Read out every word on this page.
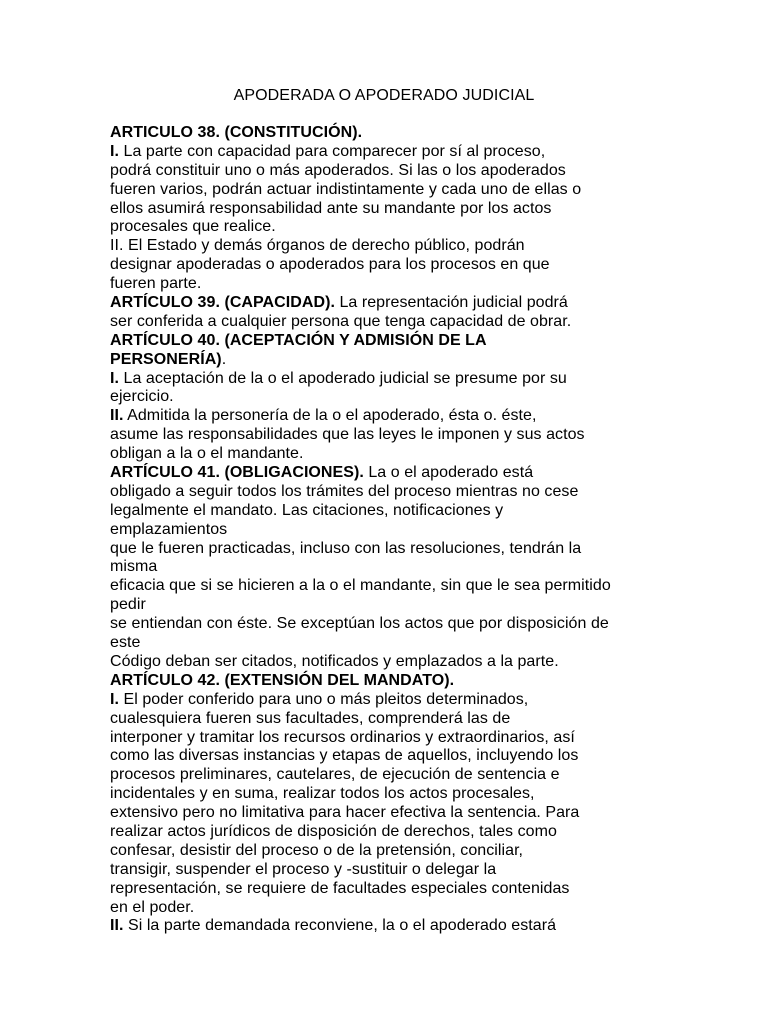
APODERADA O APODERADO JUDICIAL
ARTICULO 38. (CONSTITUCIÓN).
I. La parte con capacidad para comparecer por sí al proceso,
podrá constituir uno o más apoderados. Si las o los apoderados
fueren varios, podrán actuar indistintamente y cada uno de ellas o
ellos asumirá responsabilidad ante su mandante por los actos
procesales que realice.
II. El Estado y demás órganos de derecho público, podrán
designar apoderadas o apoderados para los procesos en que
fueren parte.
ARTÍCULO 39. (CAPACIDAD). La representación judicial podrá
ser conferida a cualquier persona que tenga capacidad de obrar.
ARTÍCULO 40. (ACEPTACIÓN Y ADMISIÓN DE LA
PERSONERÍA).
I. La aceptación de la o el apoderado judicial se presume por su
ejercicio.
II. Admitida la personería de la o el apoderado, ésta o. éste,
asume las responsabilidades que las leyes le imponen y sus actos
obligan a la o el mandante.
ARTÍCULO 41. (OBLIGACIONES). La o el apoderado está
obligado a seguir todos los trámites del proceso mientras no cese
legalmente el mandato. Las citaciones, notificaciones y
emplazamientos
que le fueren practicadas, incluso con las resoluciones, tendrán la
misma
eficacia que si se hicieren a la o el mandante, sin que le sea permitido
pedir
se entiendan con éste. Se exceptúan los actos que por disposición de
este
Código deban ser citados, notificados y emplazados a la parte.
ARTÍCULO 42. (EXTENSIÓN DEL MANDATO).
I. El poder conferido para uno o más pleitos determinados,
cualesquiera fueren sus facultades, comprenderá las de
interponer y tramitar los recursos ordinarios y extraordinarios, así
como las diversas instancias y etapas de aquellos, incluyendo los
procesos preliminares, cautelares, de ejecución de sentencia e
incidentales y en suma, realizar todos los actos procesales,
extensivo pero no limitativa para hacer efectiva la sentencia. Para
realizar actos jurídicos de disposición de derechos, tales como
confesar, desistir del proceso o de la pretensión, conciliar,
transigir, suspender el proceso y -sustituir o delegar la
representación, se requiere de facultades especiales contenidas
en el poder.
II. Si la parte demandada reconviene, la o el apoderado estará
